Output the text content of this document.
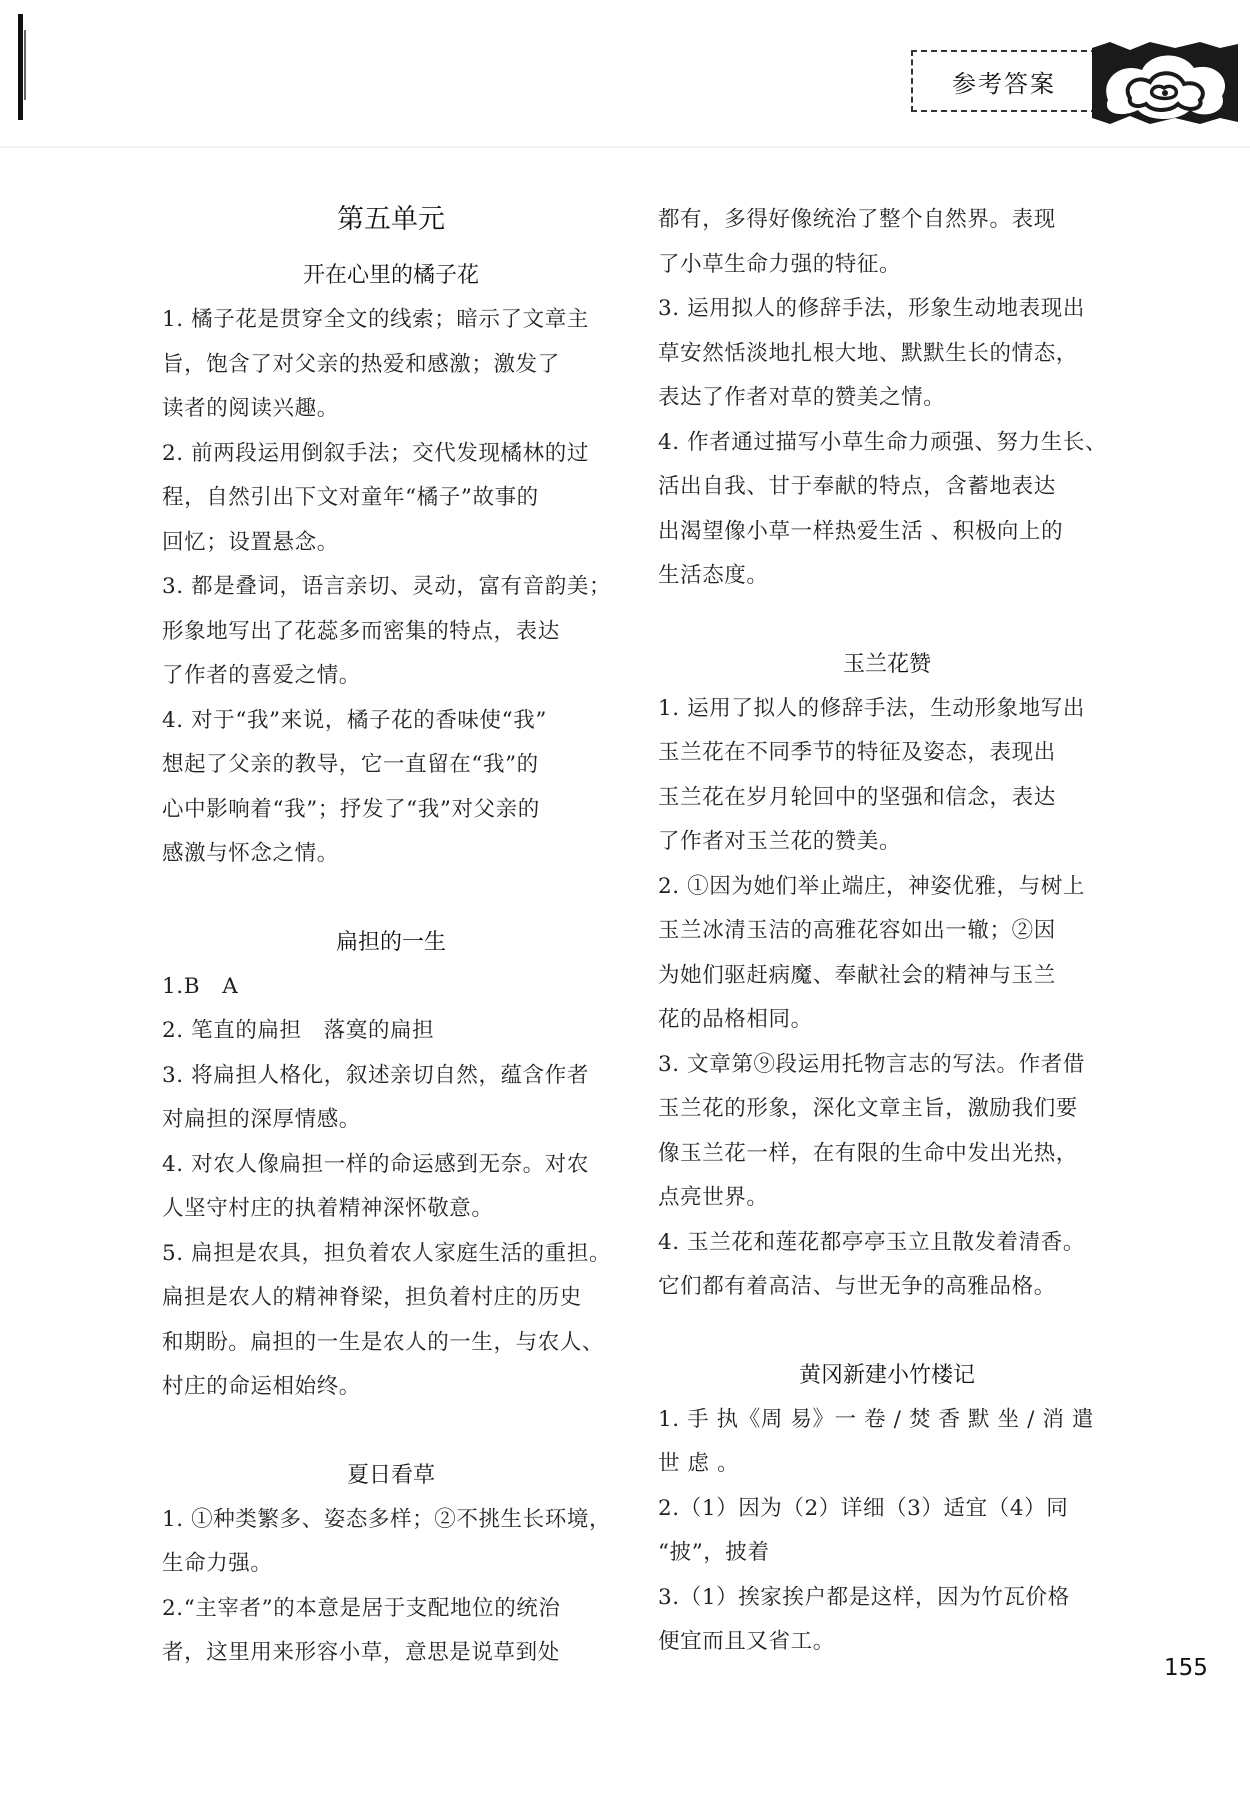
参考答案
第五单元
开在心里的橘子花
1. 橘子花是贯穿全文的线索；暗示了文章主
旨，饱含了对父亲的热爱和感激；激发了
读者的阅读兴趣。
2. 前两段运用倒叙手法；交代发现橘林的过
程，自然引出下文对童年“橘子”故事的
回忆；设置悬念。
3. 都是叠词，语言亲切、灵动，富有音韵美；
形象地写出了花蕊多而密集的特点，表达
了作者的喜爱之情。
4. 对于“我”来说，橘子花的香味使“我”
想起了父亲的教导，它一直留在“我”的
心中影响着“我”；抒发了“我”对父亲的
感激与怀念之情。
扁担的一生
1.B　A
2. 笔直的扁担　落寞的扁担
3. 将扁担人格化，叙述亲切自然，蕴含作者
对扁担的深厚情感。
4. 对农人像扁担一样的命运感到无奈。对农
人坚守村庄的执着精神深怀敬意。
5. 扁担是农具，担负着农人家庭生活的重担。
扁担是农人的精神脊梁，担负着村庄的历史
和期盼。扁担的一生是农人的一生，与农人、
村庄的命运相始终。
夏日看草
1. ①种类繁多、姿态多样；②不挑生长环境，
生命力强。
2.“主宰者”的本意是居于支配地位的统治
者，这里用来形容小草，意思是说草到处
都有，多得好像统治了整个自然界。表现
了小草生命力强的特征。
3. 运用拟人的修辞手法，形象生动地表现出
草安然恬淡地扎根大地、默默生长的情态，
表达了作者对草的赞美之情。
4. 作者通过描写小草生命力顽强、努力生长、
活出自我、甘于奉献的特点，含蓄地表达
出渴望像小草一样热爱生活 、积极向上的
生活态度。
玉兰花赞
1. 运用了拟人的修辞手法，生动形象地写出
玉兰花在不同季节的特征及姿态，表现出
玉兰花在岁月轮回中的坚强和信念，表达
了作者对玉兰花的赞美。
2. ①因为她们举止端庄，神姿优雅，与树上
玉兰冰清玉洁的高雅花容如出一辙；②因
为她们驱赶病魔、奉献社会的精神与玉兰
花的品格相同。
3. 文章第⑨段运用托物言志的写法。作者借
玉兰花的形象，深化文章主旨，激励我们要
像玉兰花一样，在有限的生命中发出光热，
点亮世界。
4. 玉兰花和莲花都亭亭玉立且散发着清香。
它们都有着高洁、与世无争的高雅品格。
黄冈新建小竹楼记
1. 手 执《周 易》一 卷 / 焚 香 默 坐 / 消 遣
世 虑 。
2.（1）因为（2）详细（3）适宜（4）同
“披”，披着
3.（1）挨家挨户都是这样，因为竹瓦价格
便宜而且又省工。
155
